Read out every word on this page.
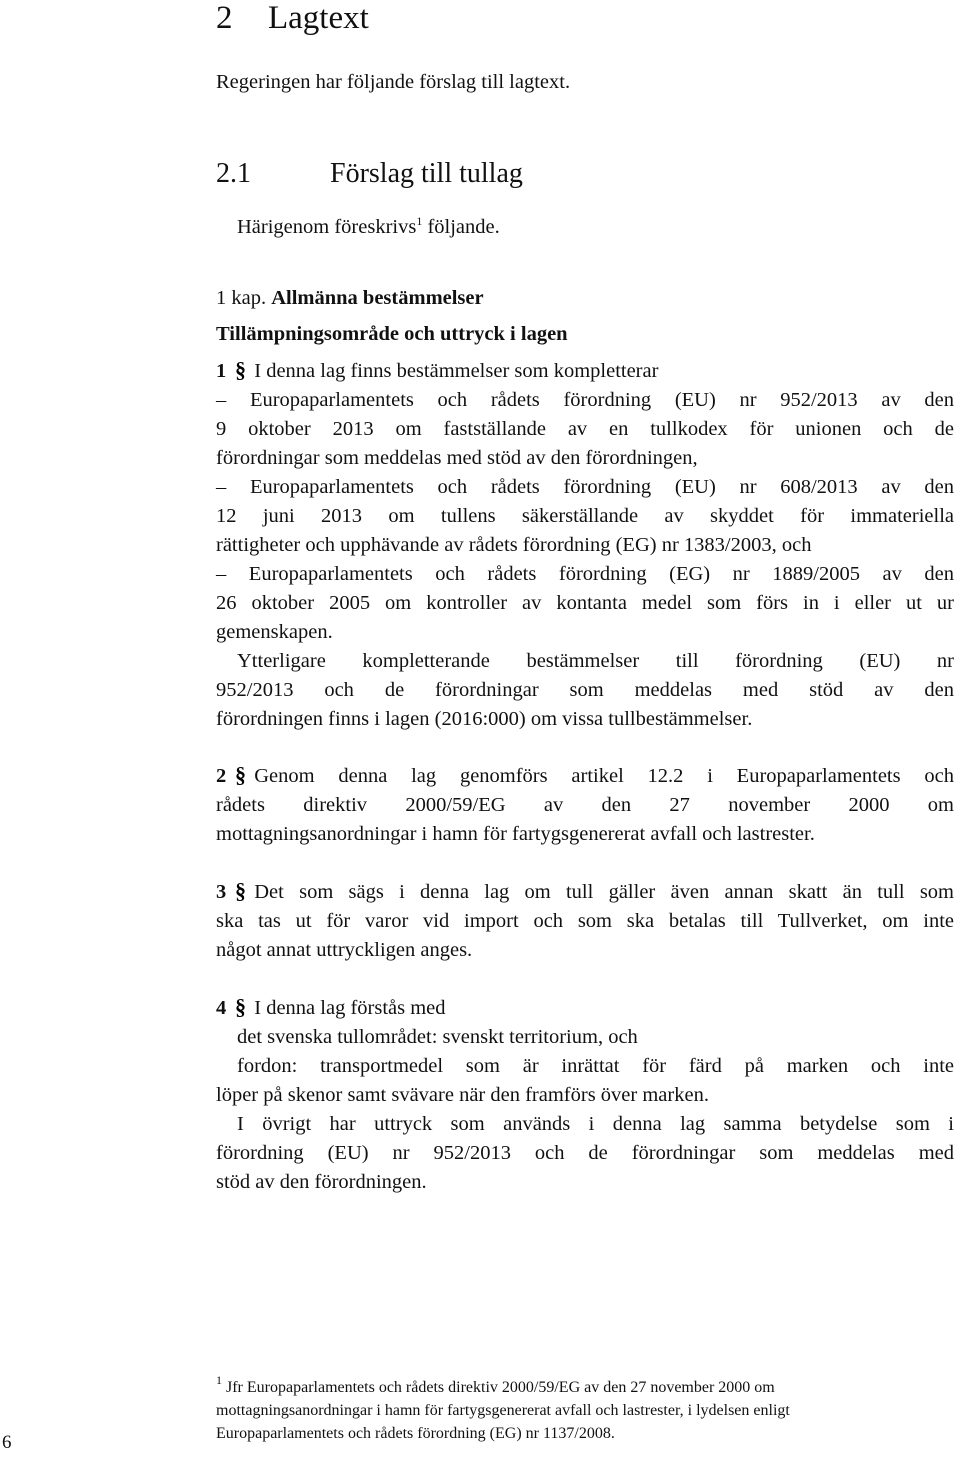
2 Lagtext
Regeringen har följande förslag till lagtext.
2.1	Förslag till tullag
Härigenom föreskrivs$^1$ följande.
1 kap. Allmänna bestämmelser
Tillämpningsområde och uttryck i lagen
1 § I denna lag finns bestämmelser som kompletterar
– Europaparlamentets och rådets förordning (EU) nr 952/2013 av den
9 oktober 2013 om fastställande av en tullkodex för unionen och de
förordningar som meddelas med stöd av den förordningen,
– Europaparlamentets och rådets förordning (EU) nr 608/2013 av den
12 juni 2013 om tullens säkerställande av skyddet för immateriella
rättigheter och upphävande av rådets förordning (EG) nr 1383/2003, och
– Europaparlamentets och rådets förordning (EG) nr 1889/2005 av den
26 oktober 2005 om kontroller av kontanta medel som förs in i eller ut ur
gemenskapen.
Ytterligare kompletterande bestämmelser till förordning (EU) nr
952/2013 och de förordningar som meddelas med stöd av den
förordningen finns i lagen (2016:000) om vissa tullbestämmelser.
2 § Genom denna lag genomförs artikel 12.2 i Europaparlamentets och
rådets direktiv 2000/59/EG av den 27 november 2000 om
mottagningsanordningar i hamn för fartygsgenererat avfall och lastrester.
3 § Det som sägs i denna lag om tull gäller även annan skatt än tull som
ska tas ut för varor vid import och som ska betalas till Tullverket, om inte
något annat uttryckligen anges.
4 § I denna lag förstås med
det svenska tullområdet: svenskt territorium, och
fordon: transportmedel som är inrättat för färd på marken och inte
löper på skenor samt svävare när den framförs över marken.
I övrigt har uttryck som används i denna lag samma betydelse som i
förordning (EU) nr 952/2013 och de förordningar som meddelas med
stöd av den förordningen.
$^1$ Jfr Europaparlamentets och rådets direktiv 2000/59/EG av den 27 november 2000 om
mottagningsanordningar i hamn för fartygsgenererat avfall och lastrester, i lydelsen enligt
Europaparlamentets och rådets förordning (EG) nr 1137/2008.
6
